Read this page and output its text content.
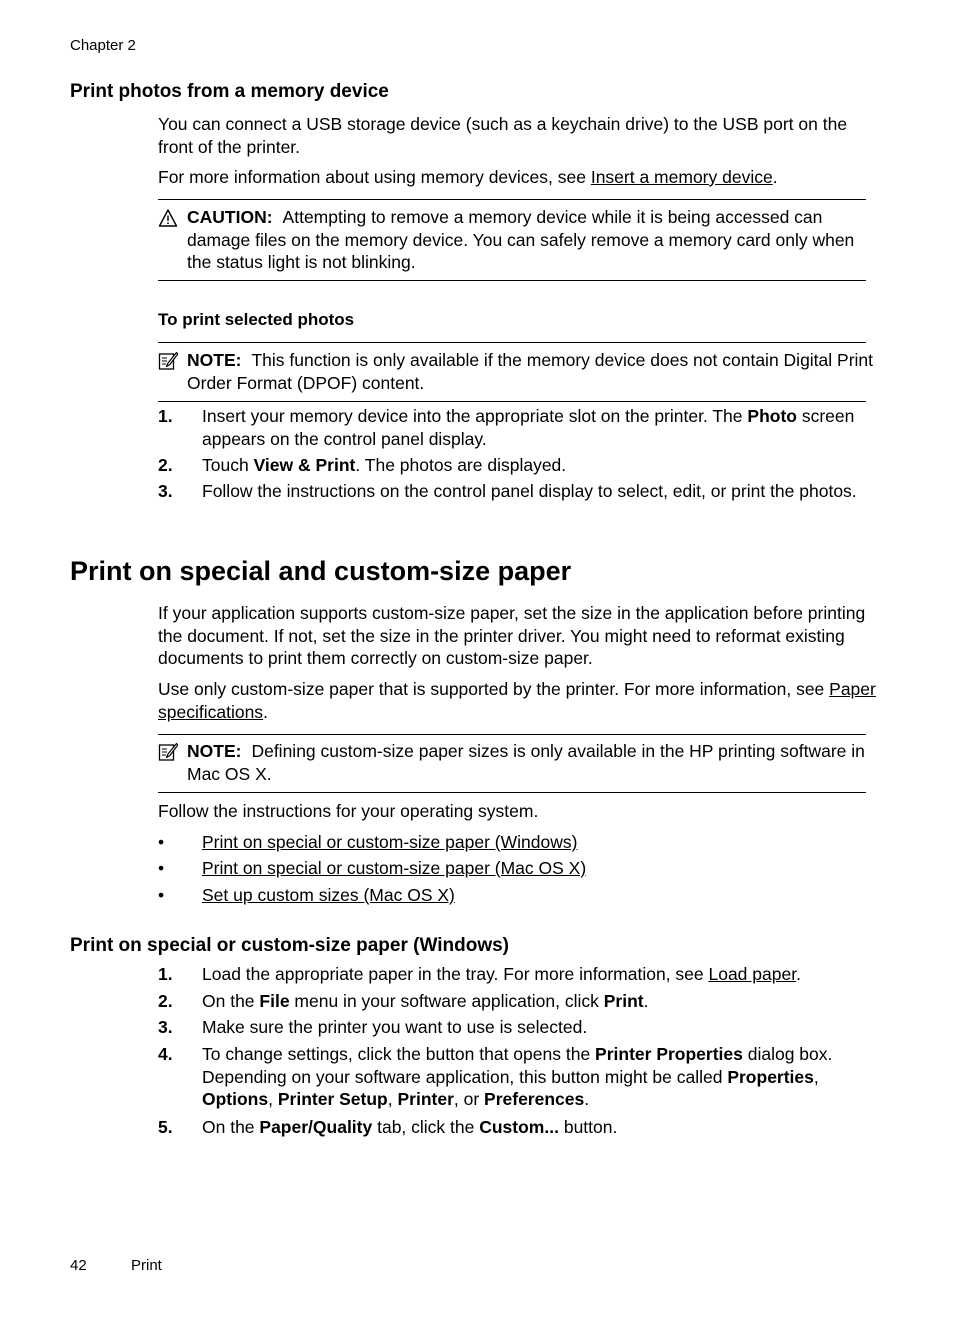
Chapter 2
Print photos from a memory device
You can connect a USB storage device (such as a keychain drive) to the USB port on the front of the printer.
For more information about using memory devices, see Insert a memory device.
CAUTION: Attempting to remove a memory device while it is being accessed can damage files on the memory device. You can safely remove a memory card only when the status light is not blinking.
To print selected photos
NOTE: This function is only available if the memory device does not contain Digital Print Order Format (DPOF) content.
1. Insert your memory device into the appropriate slot on the printer. The Photo screen appears on the control panel display.
2. Touch View & Print. The photos are displayed.
3. Follow the instructions on the control panel display to select, edit, or print the photos.
Print on special and custom-size paper
If your application supports custom-size paper, set the size in the application before printing the document. If not, set the size in the printer driver. You might need to reformat existing documents to print them correctly on custom-size paper.
Use only custom-size paper that is supported by the printer. For more information, see Paper specifications.
NOTE: Defining custom-size paper sizes is only available in the HP printing software in Mac OS X.
Follow the instructions for your operating system.
• Print on special or custom-size paper (Windows)
• Print on special or custom-size paper (Mac OS X)
• Set up custom sizes (Mac OS X)
Print on special or custom-size paper (Windows)
1. Load the appropriate paper in the tray. For more information, see Load paper.
2. On the File menu in your software application, click Print.
3. Make sure the printer you want to use is selected.
4. To change settings, click the button that opens the Printer Properties dialog box. Depending on your software application, this button might be called Properties, Options, Printer Setup, Printer, or Preferences.
5. On the Paper/Quality tab, click the Custom... button.
42	Print
